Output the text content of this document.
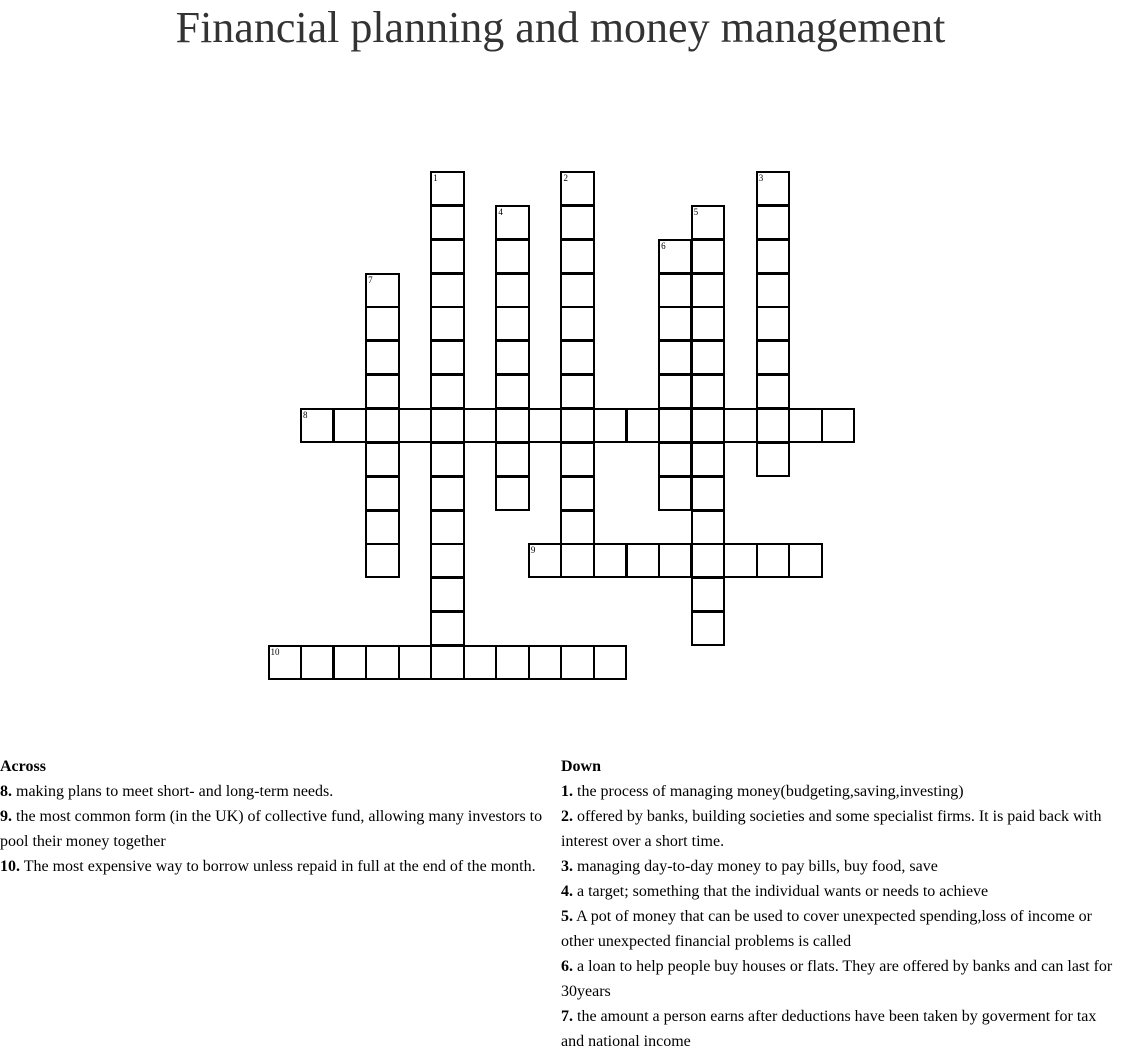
Financial planning and money management
1	2	3
4	5
6
7
8
9
10
Across
8. making plans to meet short- and long-term needs.
9. the most common form (in the UK) of collective fund, allowing many investors to pool their money together
10. The most expensive way to borrow unless repaid in full at the end of the month.
Down
1. the process of managing money(budgeting,saving,investing)
2. offered by banks, building societies and some specialist firms. It is paid back with interest over a short time.
3. managing day-to-day money to pay bills, buy food, save
4. a target; something that the individual wants or needs to achieve
5. A pot of money that can be used to cover unexpected spending,loss of income or other unexpected financial problems is called
6. a loan to help people buy houses or flats. They are offered by banks and can last for 30years
7. the amount a person earns after deductions have been taken by goverment for tax and national income
